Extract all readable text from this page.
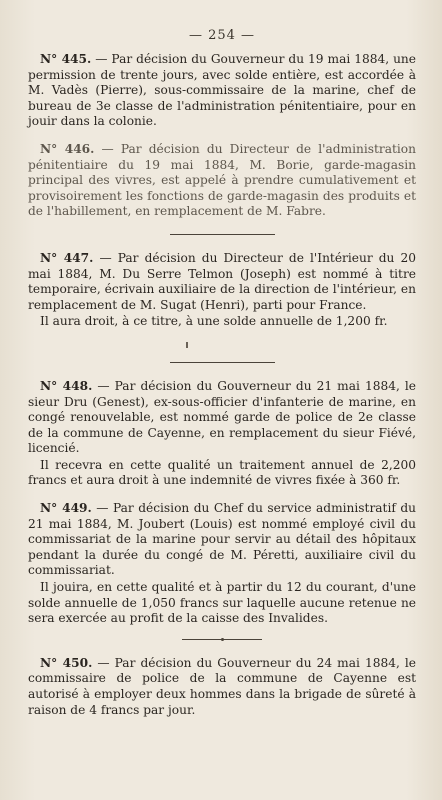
— 254 —

N° 445. — Par décision du Gouverneur du 19 mai 1884, une permission de trente jours, avec solde entière, est accordée à M. Vadès (Pierre), sous-commissaire de la marine, chef de bureau de 3e classe de l'administration pénitentiaire, pour en jouir dans la colonie.

N° 446. — Par décision du Directeur de l'administration pénitentiaire du 19 mai 1884, M. Borie, garde-magasin principal des vivres, est appelé à prendre cumulativement et provisoirement les fonctions de garde-magasin des produits et de l'habillement, en remplacement de M. Fabre.

N° 447. — Par décision du Directeur de l'Intérieur du 20 mai 1884, M. Du Serre Telmon (Joseph) est nommé à titre temporaire, écrivain auxiliaire de la direction de l'intérieur, en remplacement de M. Sugat (Henri), parti pour France.

Il aura droit, à ce titre, à une solde annuelle de 1,200 fr.

N° 448. — Par décision du Gouverneur du 21 mai 1884, le sieur Dru (Genest), ex-sous-officier d'infanterie de marine, en congé renouvelable, est nommé garde de police de 2e classe de la commune de Cayenne, en remplacement du sieur Fiévé, licencié.

Il recevra en cette qualité un traitement annuel de 2,200 francs et aura droit à une indemnité de vivres fixée à 360 fr.

N° 449. — Par décision du Chef du service administratif du 21 mai 1884, M. Joubert (Louis) est nommé employé civil du commissariat de la marine pour servir au détail des hôpitaux pendant la durée du congé de M. Péretti, auxiliaire civil du commissariat.

Il jouira, en cette qualité et à partir du 12 du courant, d'une solde annuelle de 1,050 francs sur laquelle aucune retenue ne sera exercée au profit de la caisse des Invalides.

N° 450. — Par décision du Gouverneur du 24 mai 1884, le commissaire de police de la commune de Cayenne est autorisé à employer deux hommes dans la brigade de sûreté à raison de 4 francs par jour.
